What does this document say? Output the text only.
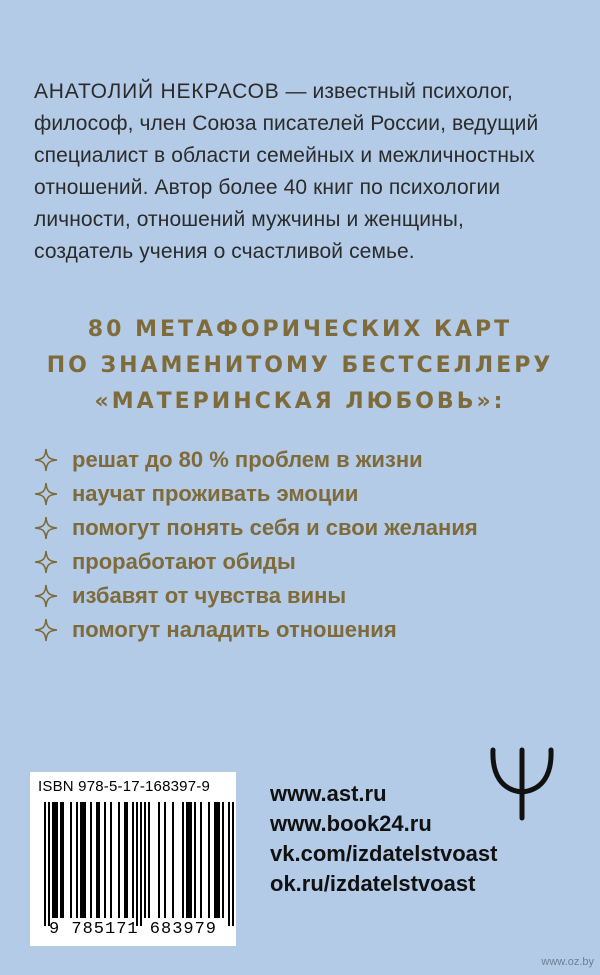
АНАТОЛИЙ НЕКРАСОВ — известный психолог,
философ, член Союза писателей России, ведущий
специалист в области семейных и межличностных
отношений. Автор более 40 книг по психологии
личности, отношений мужчины и женщины,
создатель учения о счастливой семье.
80 МЕТАФОРИЧЕСКИХ КАРТ
ПО ЗНАМЕНИТОМУ БЕСТСЕЛЛЕРУ
«МАТЕРИНСКАЯ ЛЮБОВЬ»:
решат до 80 % проблем в жизни
научат проживать эмоции
помогут понять себя и свои желания
проработают обиды
избавят от чувства вины
помогут наладить отношения
ISBN 978-5-17-168397-9
9 785171 683979
www.ast.ru
www.book24.ru
vk.com/izdatelstvoast
ok.ru/izdatelstvoast
www.oz.by
